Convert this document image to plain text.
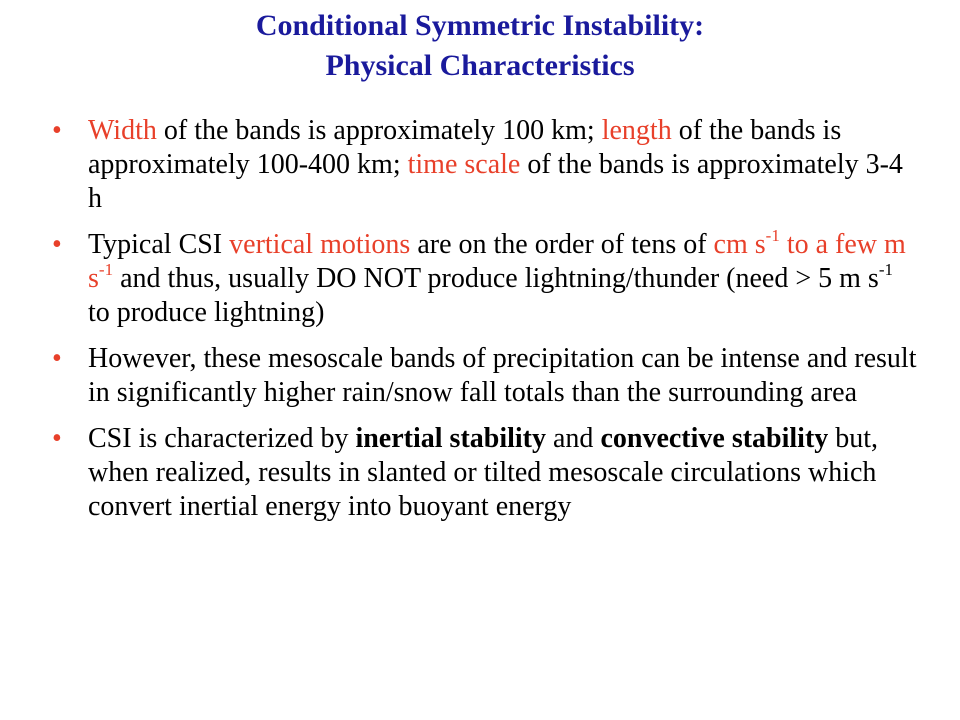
Conditional Symmetric Instability:
Physical Characteristics
• Width of the bands is approximately 100 km; length of the bands is approximately 100-400 km; time scale of the bands is approximately 3-4 h
• Typical CSI vertical motions are on the order of tens of cm $s^{-1}$ to a few m $s^{-1}$ and thus, usually DO NOT produce lightning/thunder (need > 5 m $s^{-1}$ to produce lightning)
• However, these mesoscale bands of precipitation can be intense and result in significantly higher rain/snow fall totals than the surrounding area
• CSI is characterized by inertial stability and convective stability but, when realized, results in slanted or tilted mesoscale circulations which convert inertial energy into buoyant energy
